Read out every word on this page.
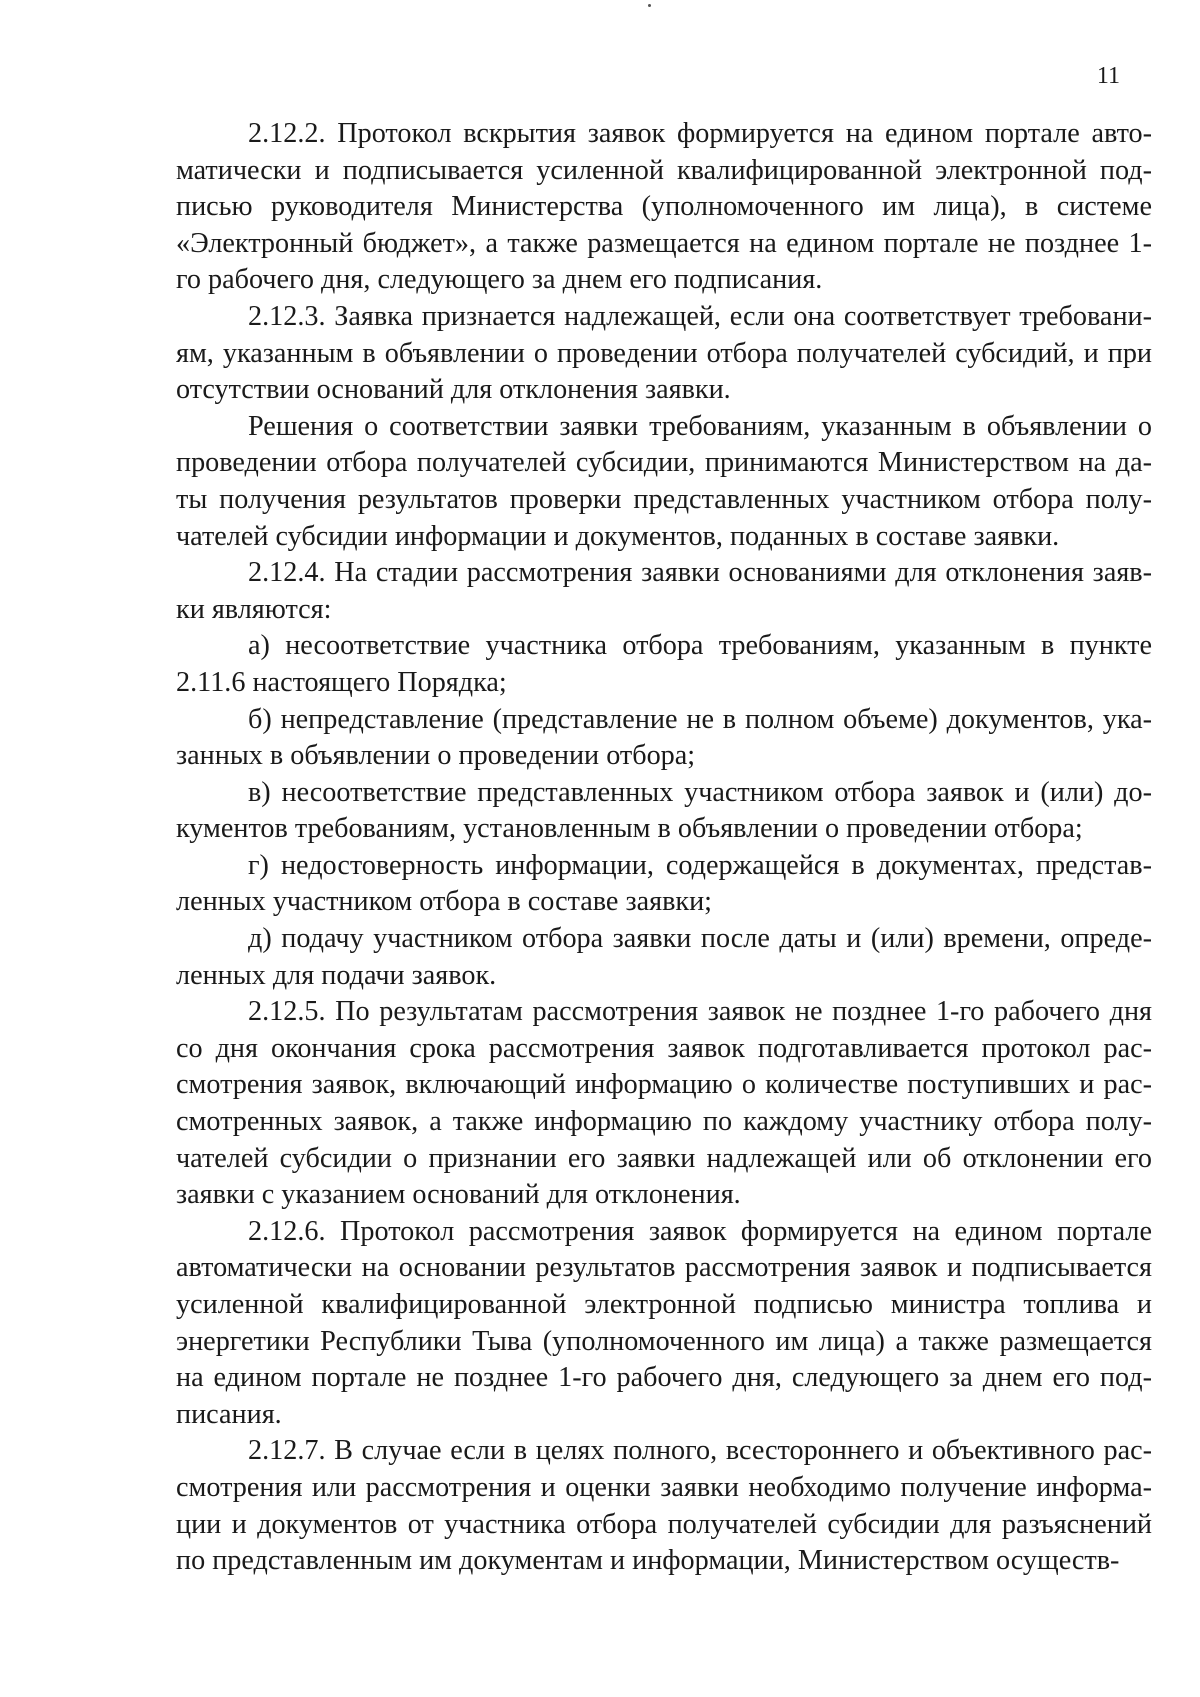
11

2.12.2. Протокол вскрытия заявок формируется на едином портале автоматически и подписывается усиленной квалифицированной электронной подписью руководителя Министерства (уполномоченного им лица), в системе «Электронный бюджет», а также размещается на едином портале не позднее 1-го рабочего дня, следующего за днем его подписания.

2.12.3. Заявка признается надлежащей, если она соответствует требованиям, указанным в объявлении о проведении отбора получателей субсидий, и при отсутствии оснований для отклонения заявки.

Решения о соответствии заявки требованиям, указанным в объявлении о проведении отбора получателей субсидии, принимаются Министерством на даты получения результатов проверки представленных участником отбора получателей субсидии информации и документов, поданных в составе заявки.

2.12.4. На стадии рассмотрения заявки основаниями для отклонения заявки являются:

а) несоответствие участника отбора требованиям, указанным в пункте 2.11.6 настоящего Порядка;

б) непредставление (представление не в полном объеме) документов, указанных в объявлении о проведении отбора;

в) несоответствие представленных участником отбора заявок и (или) документов требованиям, установленным в объявлении о проведении отбора;

г) недостоверность информации, содержащейся в документах, представленных участником отбора в составе заявки;

д) подачу участником отбора заявки после даты и (или) времени, определенных для подачи заявок.

2.12.5. По результатам рассмотрения заявок не позднее 1-го рабочего дня со дня окончания срока рассмотрения заявок подготавливается протокол рассмотрения заявок, включающий информацию о количестве поступивших и рассмотренных заявок, а также информацию по каждому участнику отбора получателей субсидии о признании его заявки надлежащей или об отклонении его заявки с указанием оснований для отклонения.

2.12.6. Протокол рассмотрения заявок формируется на едином портале автоматически на основании результатов рассмотрения заявок и подписывается усиленной квалифицированной электронной подписью министра топлива и энергетики Республики Тыва (уполномоченного им лица) а также размещается на едином портале не позднее 1-го рабочего дня, следующего за днем его подписания.

2.12.7. В случае если в целях полного, всестороннего и объективного рассмотрения или рассмотрения и оценки заявки необходимо получение информации и документов от участника отбора получателей субсидии для разъяснений по представленным им документам и информации, Министерством осуществ-
